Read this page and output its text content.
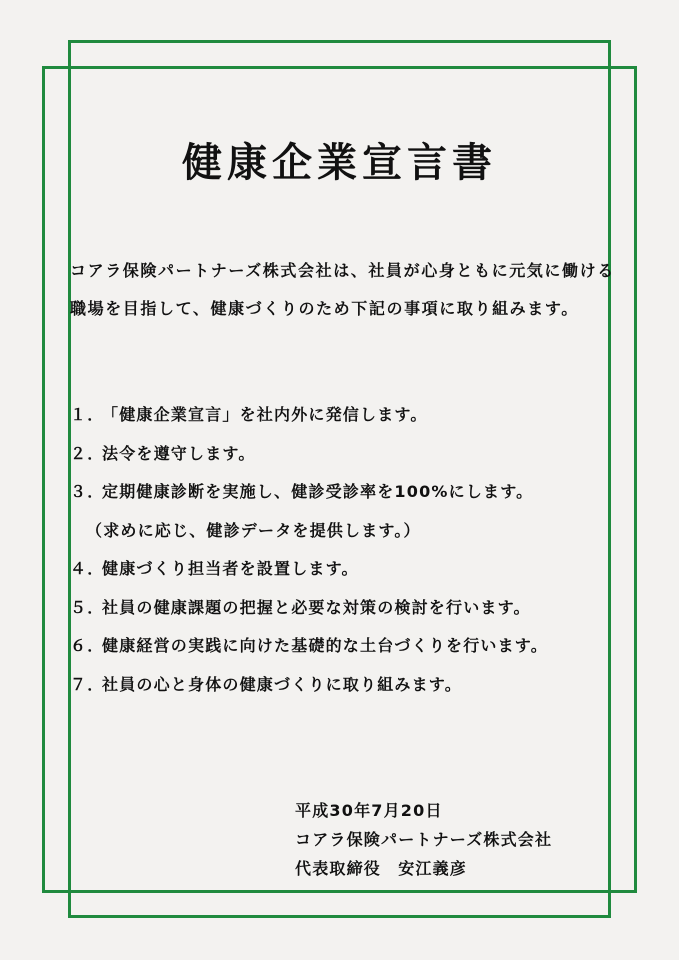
健康企業宣言書

コアラ保険パートナーズ株式会社は、社員が心身ともに元気に働ける職場を目指して、健康づくりのため下記の事項に取り組みます。

１．「健康企業宣言」を社内外に発信します。
２．法令を遵守します。
３．定期健康診断を実施し、健診受診率を100%にします。
（求めに応じ、健診データを提供します。）
４．健康づくり担当者を設置します。
５．社員の健康課題の把握と必要な対策の検討を行います。
６．健康経営の実践に向けた基礎的な土台づくりを行います。
７．社員の心と身体の健康づくりに取り組みます。
平成30年7月20日
コアラ保険パートナーズ株式会社
代表取締役　安江義彦
